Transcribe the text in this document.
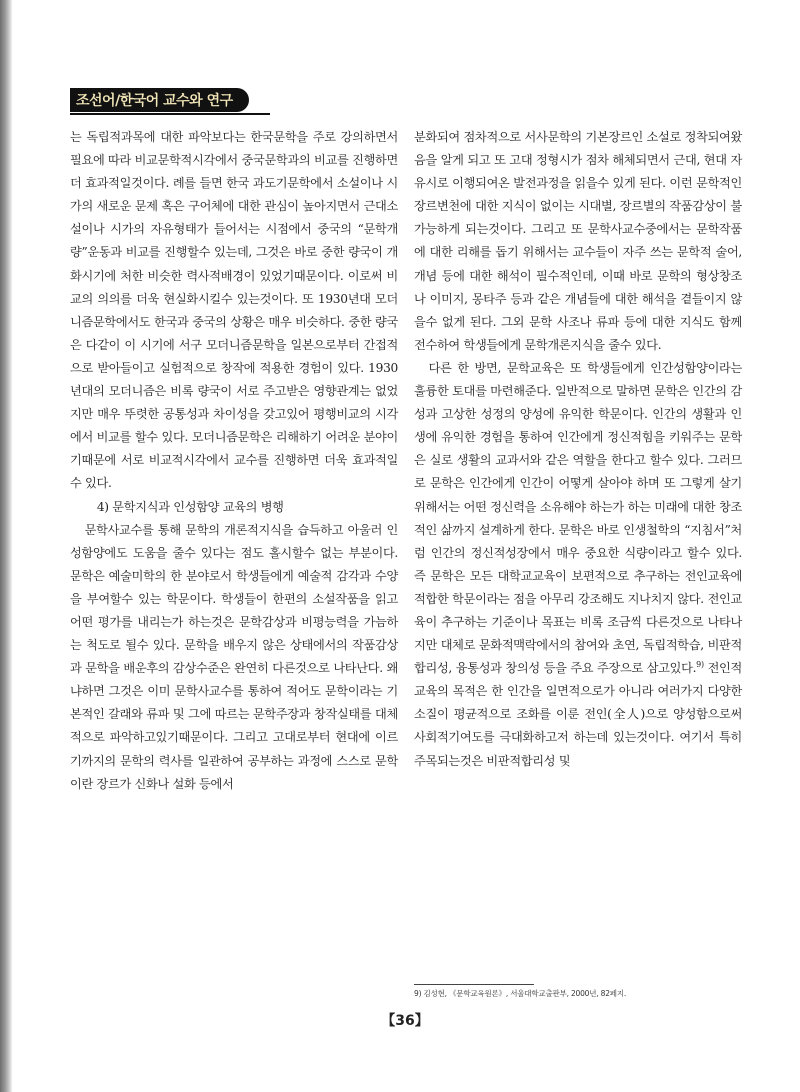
조선어/한국어 교수와 연구

는 독립적과목에 대한 파악보다는 한국문학을 주로 강의하면서 필요에 따라 비교문학적시각에서 중국문학과의 비교를 진행하면 더 효과적일것이다. 례를 들면 한국 과도기문학에서 소설이나 시가의 새로운 문제 혹은 구어체에 대한 관심이 높아지면서 근대소설이나 시가의 자유형태가 들어서는 시점에서 중국의 “문학개량”운동과 비교를 진행할수 있는데, 그것은 바로 중한 량국이 개화시기에 처한 비슷한 력사적배경이 있었기때문이다. 이로써 비교의 의의를 더욱 현실화시킬수 있는것이다. 또 1930년대 모더니즘문학에서도 한국과 중국의 상황은 매우 비슷하다. 중한 량국은 다같이 이 시기에 서구 모더니즘문학을 일본으로부터 간접적으로 받아들이고 실험적으로 창작에 적용한 경험이 있다. 1930년대의 모더니즘은 비록 량국이 서로 주고받은 영향관계는 없었지만 매우 뚜렷한 공통성과 차이성을 갖고있어 평행비교의 시각에서 비교를 할수 있다. 모더니즘문학은 리해하기 어려운 분야이기때문에 서로 비교적시각에서 교수를 진행하면 더욱 효과적일수 있다.

4) 문학지식과 인성함양 교육의 병행

문학사교수를 통해 문학의 개론적지식을 습득하고 아울러 인성함양에도 도움을 줄수 있다는 점도 홀시할수 없는 부분이다. 문학은 예술미학의 한 분야로서 학생들에게 예술적 감각과 수양을 부여할수 있는 학문이다. 학생들이 한편의 소설작품을 읽고 어떤 평가를 내리는가 하는것은 문학감상과 비평능력을 가늠하는 척도로 될수 있다. 문학을 배우지 않은 상태에서의 작품감상과 문학을 배운후의 감상수준은 완연히 다른것으로 나타난다. 왜냐하면 그것은 이미 문학사교수를 통하여 적어도 문학이라는 기본적인 갈래와 류파 및 그에 따르는 문학주장과 창작실태를 대체적으로 파악하고있기때문이다. 그리고 고대로부터 현대에 이르기까지의 문학의 력사를 일관하여 공부하는 과정에 스스로 문학이란 장르가 신화나 설화 등에서

분화되여 점차적으로 서사문학의 기본장르인 소설로 정착되여왔음을 알게 되고 또 고대 정형시가 점차 해체되면서 근대, 현대 자유시로 이행되여온 발전과정을 읽을수 있게 된다. 이런 문학적인 장르변천에 대한 지식이 없이는 시대별, 장르별의 작품감상이 불가능하게 되는것이다. 그리고 또 문학사교수중에서는 문학작품에 대한 리해를 돕기 위해서는 교수들이 자주 쓰는 문학적 술어, 개념 등에 대한 해석이 필수적인데, 이때 바로 문학의 형상창조나 이미지, 몽타주 등과 같은 개념들에 대한 해석을 곁들이지 않을수 없게 된다. 그외 문학 사조나 류파 등에 대한 지식도 함께 전수하여 학생들에게 문학개론지식을 줄수 있다.

다른 한 방면, 문학교육은 또 학생들에게 인간성함양이라는 훌륭한 토대를 마련해준다. 일반적으로 말하면 문학은 인간의 감성과 고상한 성정의 양성에 유익한 학문이다. 인간의 생활과 인생에 유익한 경험을 통하여 인간에게 정신적힘을 키워주는 문학은 실로 생활의 교과서와 같은 역할을 한다고 할수 있다. 그러므로 문학은 인간에게 인간이 어떻게 살아야 하며 또 그렇게 살기 위해서는 어떤 정신력을 소유해야 하는가 하는 미래에 대한 창조적인 삶까지 설계하게 한다. 문학은 바로 인생철학의 “지침서”처럼 인간의 정신적성장에서 매우 중요한 식량이라고 할수 있다. 즉 문학은 모든 대학교교육이 보편적으로 추구하는 전인교육에 적합한 학문이라는 점을 아무리 강조해도 지나치지 않다. 전인교육이 추구하는 기준이나 목표는 비록 조금씩 다른것으로 나타나지만 대체로 문화적맥락에서의 참여와 초연, 독립적학습, 비판적합리성, 융통성과 창의성 등을 주요 주장으로 삼고있다.$^{9)}$ 전인적교육의 목적은 한 인간을 일면적으로가 아니라 여러가지 다양한 소질이 평균적으로 조화를 이룬 전인(全人)으로 양성함으로써 사회적기여도를 극대화하고저 하는데 있는것이다. 여기서 특히 주목되는것은 비판적합리성 및

9) 김성현, 《문학교육원론》, 서울대학교출판부, 2000년, 82페지.
【36】
